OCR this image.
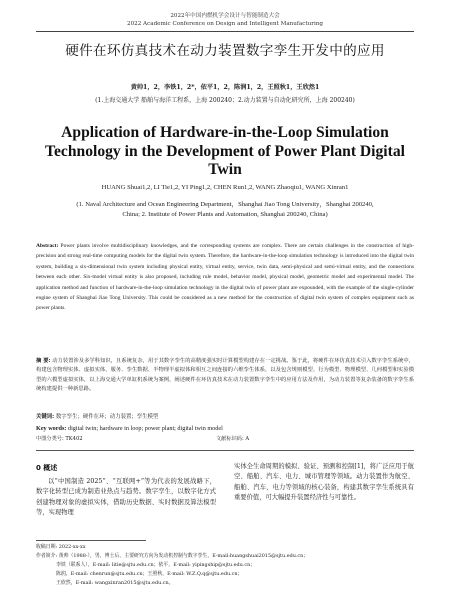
2022年中国内燃机学会设计与智能制造大会
2022 Academic Conference on Design and Intelligent Manufacturing
硬件在环仿真技术在动力装置数字孪生开发中的应用
黄帅1，2，李铁1，2*，依平1，2，陈润1，2，王照秋1，王欣然1
(1.上海交通大学 船舶与海洋工程系，上海 200240；2.动力装置与自动化研究所，上海 200240)
Application of Hardware-in-the-Loop Simulation Technology in the Development of Power Plant Digital Twin
HUANG Shuai1,2, LI Tie1,2, YI Ping1,2, CHEN Run1,2, WANG Zhaoqiu1, WANG Xinran1
(1. Naval Architecture and Ocean Engineering Department，Shanghai Jiao Tong University，Shanghai 200240, China; 2. Institute of Power Plants and Automation, Shanghai 200240, China)
Abstract: Power plants involve multidisciplinary knowledges, and the corresponding systems are complex. There are certain challenges in the construction of high-precision and strong real-time computing models for the digital twin system. Therefore, the hardware-in-the-loop simulation technology is introduced into the digital twin system, building a six-dimensional twin system including physical entity, virtual entity, service, twin data, semi-physical and semi-virtual entity, and the connections between each other. Six-model virtual entity is also proposed, including rule model, behavior model, physical model, geometric model and experimental model. The application method and function of hardware-in-the-loop simulation technology in the digital twin of power plant are expounded, with the example of the single-cylinder engine system of Shanghai Jiao Tong University. This could be considered as a new method for the construction of digital twin system of complex equipment such as power plants.
摘 要: 动力装置涉及多学科知识，且系统复杂，用于其数字孪生的高精度强实时计算模型构建存在一定挑战。鉴于此，将硬件在环仿真技术引入数字孪生系统中，构建包含物理实体、虚拟实体、服务、孪生数据、半物理半虚拟体和相互之间连接的六维孪生体系，以及包含规则模型、行为模型、物理模型、几何模型和实验模型的六模型虚拟实体，以上海交通大学单缸机系统为案例，阐述硬件在环仿真技术在动力装置数字孪生中的应用方法及作用，为动力装置等复杂装备的数字孪生系统构建提供一种新思路。
关键词: 数字孪生；硬件在环；动力装置；孪生模型
Key words: digital twin; hardware in loop; power plant; digital twin model
中图分类号: TK402	文献标识码: A
0 概述

以“中国制造 2025”、“互联网+”等为代表的发展战略下，数字化转型已成为制造业热点与趋势。数字孪生，以数字化方式创建物理对象的虚拟实体，借助历史数据、实时数据及算法模型等，实现物理

实体全生命周期的模拟、验证、预测和控制[1]，将广泛应用于航空、船舶、汽车、电力、城市管理等领域。动力装置作为航空、船舶、汽车、电力等领域的核心装备，构建其数字孪生系统具有重要价值，可大幅提升装置经济性与可靠性。

收稿日期: 2022-xx-xx
作者简介: 黄帅（1988-），男，博士后，主要研究方向为发动机控制与数字孪生，E-mail:huangshuai2015@sjtu.edu.cn；
李铁（联系人），E-mail: litie@sjtu.edu.cn；依平，E-mail: yipingship@sjtu.edu.cn；
陈润，E-mail: chenrun@sjtu.edu.cn；王照秋，E-mail: W.Z.Q.q@sjtu.edu.cn；
王欣然，E-mail: wangxinran2015@sjtu.edu.cn。
